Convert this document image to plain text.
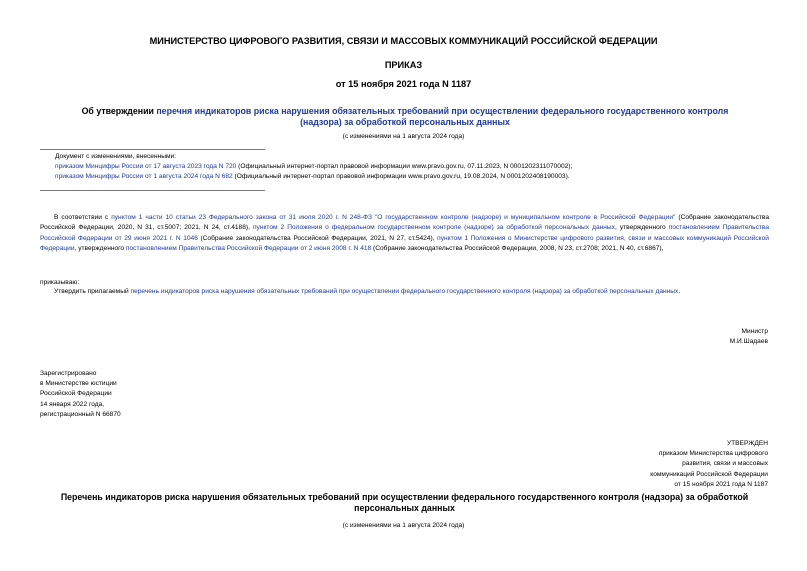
МИНИСТЕРСТВО ЦИФРОВОГО РАЗВИТИЯ, СВЯЗИ И МАССОВЫХ КОММУНИКАЦИЙ РОССИЙСКОЙ ФЕДЕРАЦИИ
ПРИКАЗ
от 15 ноября 2021 года N 1187
Об утверждении перечня индикаторов риска нарушения обязательных требований при осуществлении федерального государственного контроля (надзора) за обработкой персональных данных
(с изменениями на 1 августа 2024 года)
Документ с изменениями, внесенными:
приказом Минцифры России от 17 августа 2023 года N 720 (Официальный интернет-портал правовой информации www.pravo.gov.ru, 07.11.2023, N 0001202311070002);
приказом Минцифры России от 1 августа 2024 года N 682 (Официальный интернет-портал правовой информации www.pravo.gov.ru, 19.08.2024, N 0001202408190003).
В соответствии с пунктом 1 части 10 статьи 23 Федерального закона от 31 июля 2020 г. N 248-ФЗ "О государственном контроле (надзоре) и муниципальном контроле в Российской Федерации" (Собрание законодательства Российской Федерации, 2020, N 31, ст.5007; 2021, N 24, ст.4188), пунктом 2 Положения о федеральном государственном контроле (надзоре) за обработкой персональных данных, утвержденного постановлением Правительства Российской Федерации от 29 июня 2021 г. N 1046 (Собрание законодательства Российской Федерации, 2021, N 27, ст.5424), пунктом 1 Положения о Министерстве цифрового развития, связи и массовых коммуникаций Российской Федерации, утвержденного постановлением Правительства Российской Федерации от 2 июня 2008 г. N 418 (Собрание законодательства Российской Федерации, 2008, N 23, ст.2708; 2021, N 40, ст.6867),
приказываю:
Утвердить прилагаемый перечень индикаторов риска нарушения обязательных требований при осуществлении федерального государственного контроля (надзора) за обработкой персональных данных.
Министр
М.И.Шадаев
Зарегистрировано
в Министерстве юстиции
Российской Федерации
14 января 2022 года,
регистрационный N 66870
УТВЕРЖДЕН
приказом Министерства цифрового
развития, связи и массовых
коммуникаций Российской Федерации
от 15 ноября 2021 года N 1187
Перечень индикаторов риска нарушения обязательных требований при осуществлении федерального государственного контроля (надзора) за обработкой персональных данных
(с изменениями на 1 августа 2024 года)
